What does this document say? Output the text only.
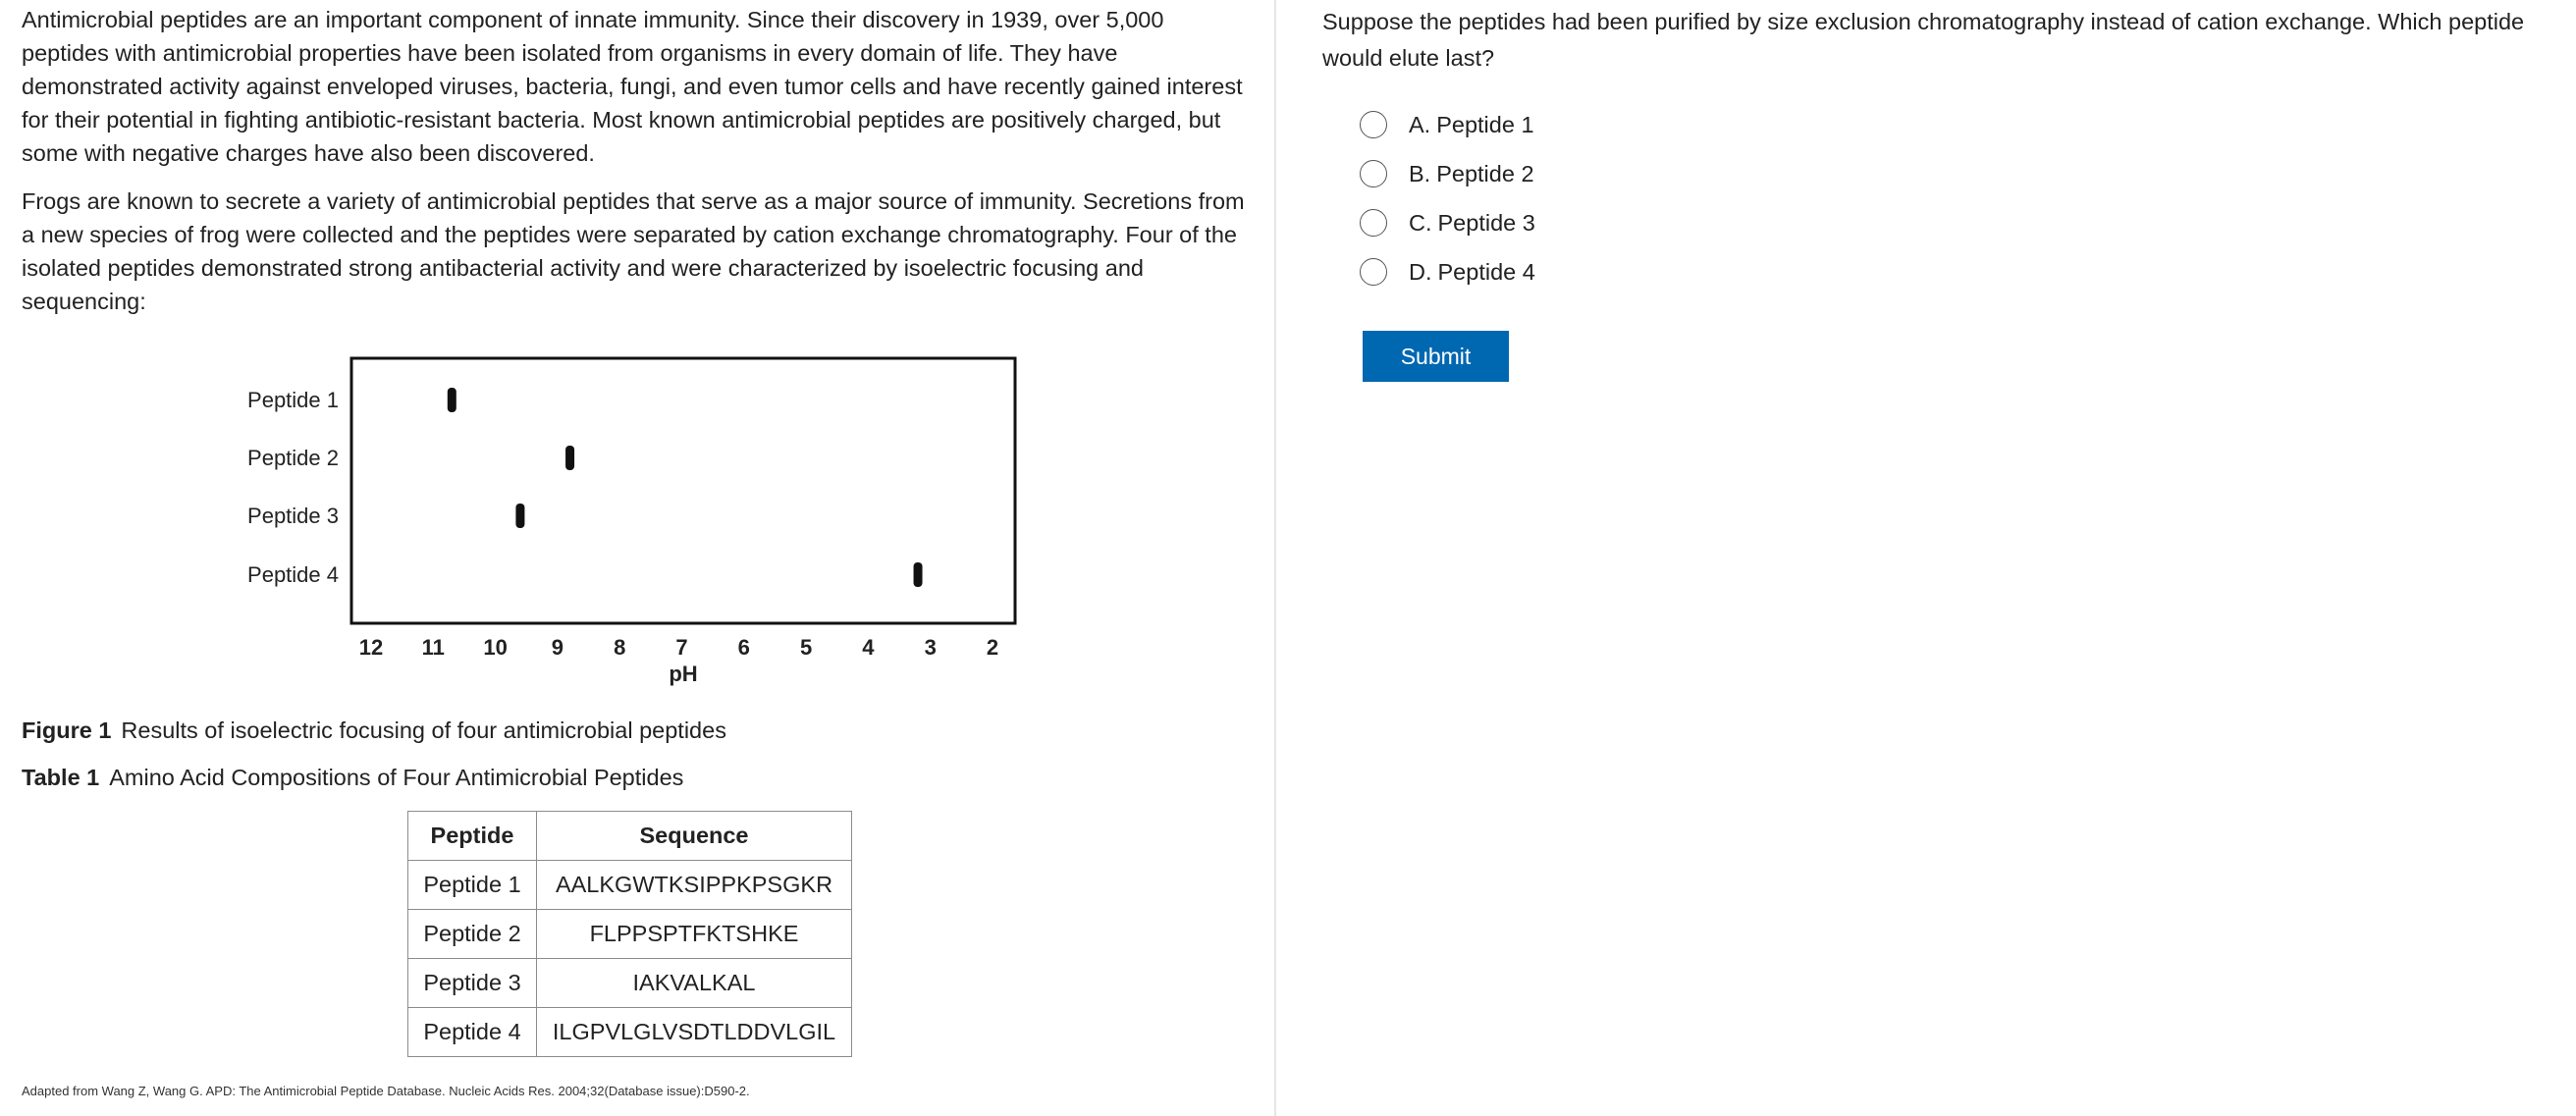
Antimicrobial peptides are an important component of innate immunity. Since their discovery in 1939, over 5,000 peptides with antimicrobial properties have been isolated from organisms in every domain of life. They have demonstrated activity against enveloped viruses, bacteria, fungi, and even tumor cells and have recently gained interest for their potential in fighting antibiotic-resistant bacteria. Most known antimicrobial peptides are positively charged, but some with negative charges have also been discovered.

Frogs are known to secrete a variety of antimicrobial peptides that serve as a major source of immunity. Secretions from a new species of frog were collected and the peptides were separated by cation exchange chromatography. Four of the isolated peptides demonstrated strong antibacterial activity and were characterized by isoelectric focusing and sequencing:

Peptide 1
Peptide 2
Peptide 3
Peptide 4
12 11 10 9 8 7 6 5 4 3 2
pH

Figure 1 Results of isoelectric focusing of four antimicrobial peptides

Table 1 Amino Acid Compositions of Four Antimicrobial Peptides

Peptide	Sequence
Peptide 1	AALKGWTKSIPPKPSGKR
Peptide 2	FLPPSPTFKTSHKE
Peptide 3	IAKVALKAL
Peptide 4	ILGPVLGLVSDTLDDVLGIL

Adapted from Wang Z, Wang G. APD: The Antimicrobial Peptide Database. Nucleic Acids Res. 2004;32(Database issue):D590-2.

Suppose the peptides had been purified by size exclusion chromatography instead of cation exchange. Which peptide would elute last?

A. Peptide 1
B. Peptide 2
C. Peptide 3
D. Peptide 4
Submit
